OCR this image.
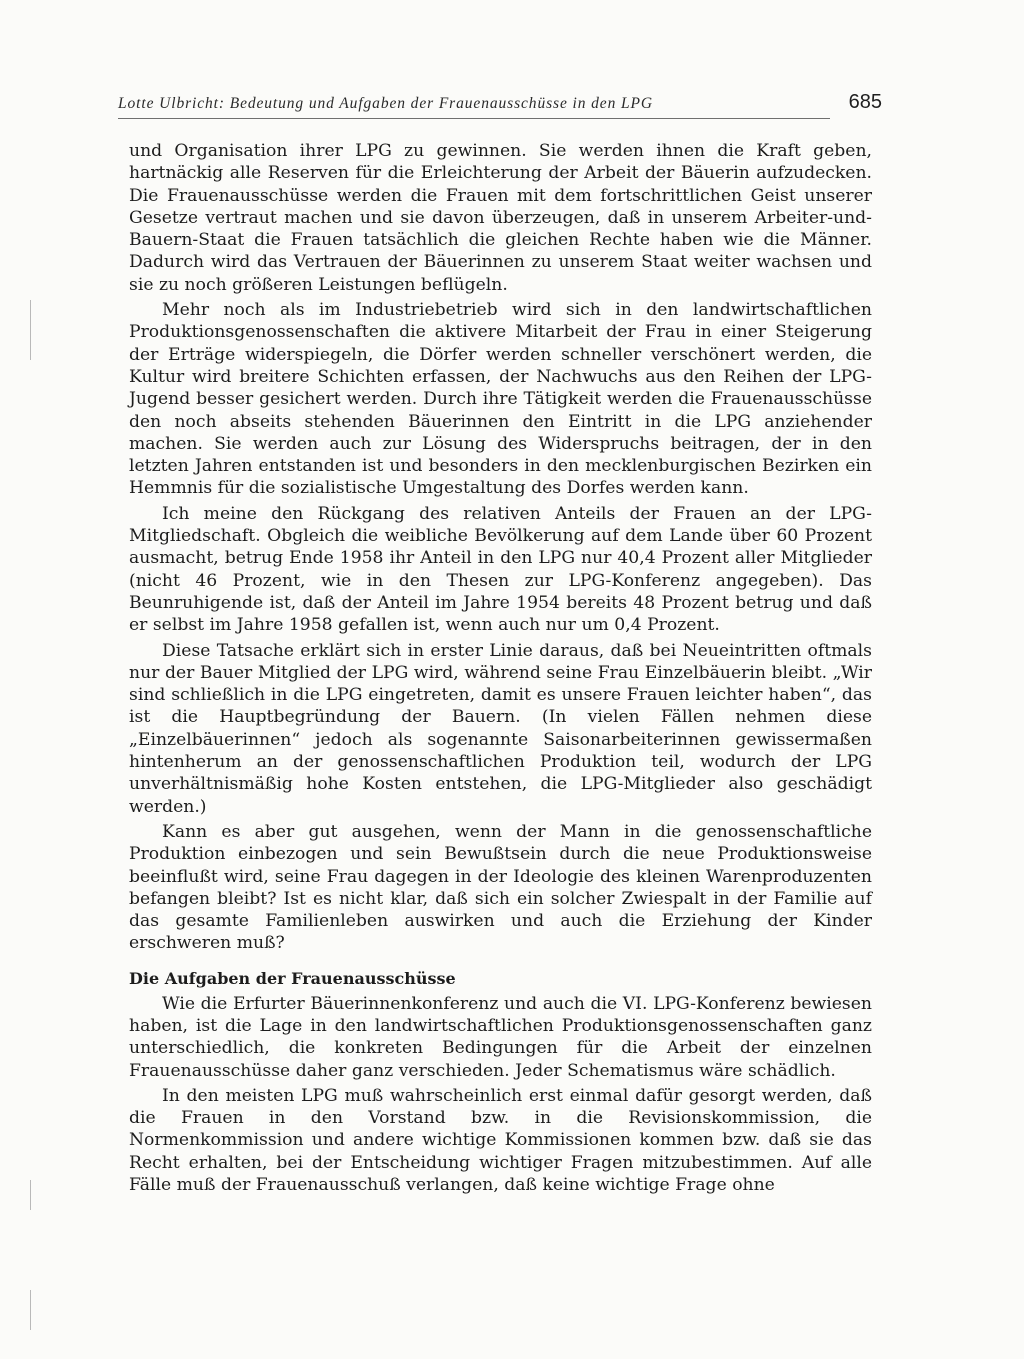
Lotte Ulbricht: Bedeutung und Aufgaben der Frauenausschüsse in den LPG	685

und Organisation ihrer LPG zu gewinnen. Sie werden ihnen die Kraft geben, hartnäckig alle Reserven für die Erleichterung der Arbeit der Bäuerin aufzudecken. Die Frauenausschüsse werden die Frauen mit dem fortschrittlichen Geist unserer Gesetze vertraut machen und sie davon überzeugen, daß in unserem Arbeiter-und-Bauern-Staat die Frauen tatsächlich die gleichen Rechte haben wie die Männer. Dadurch wird das Vertrauen der Bäuerinnen zu unserem Staat weiter wachsen und sie zu noch größeren Leistungen beflügeln.

Mehr noch als im Industriebetrieb wird sich in den landwirtschaftlichen Produktionsgenossenschaften die aktivere Mitarbeit der Frau in einer Steigerung der Erträge widerspiegeln, die Dörfer werden schneller verschönert werden, die Kultur wird breitere Schichten erfassen, der Nachwuchs aus den Reihen der LPG-Jugend besser gesichert werden. Durch ihre Tätigkeit werden die Frauenausschüsse den noch abseits stehenden Bäuerinnen den Eintritt in die LPG anziehender machen. Sie werden auch zur Lösung des Widerspruchs beitragen, der in den letzten Jahren entstanden ist und besonders in den mecklenburgischen Bezirken ein Hemmnis für die sozialistische Umgestaltung des Dorfes werden kann.

Ich meine den Rückgang des relativen Anteils der Frauen an der LPG-Mitgliedschaft. Obgleich die weibliche Bevölkerung auf dem Lande über 60 Prozent ausmacht, betrug Ende 1958 ihr Anteil in den LPG nur 40,4 Prozent aller Mitglieder (nicht 46 Prozent, wie in den Thesen zur LPG-Konferenz angegeben). Das Beunruhigende ist, daß der Anteil im Jahre 1954 bereits 48 Prozent betrug und daß er selbst im Jahre 1958 gefallen ist, wenn auch nur um 0,4 Prozent.

Diese Tatsache erklärt sich in erster Linie daraus, daß bei Neueintritten oftmals nur der Bauer Mitglied der LPG wird, während seine Frau Einzelbäuerin bleibt. „Wir sind schließlich in die LPG eingetreten, damit es unsere Frauen leichter haben“, das ist die Hauptbegründung der Bauern. (In vielen Fällen nehmen diese „Einzelbäuerinnen“ jedoch als sogenannte Saisonarbeiterinnen gewissermaßen hintenherum an der genossenschaftlichen Produktion teil, wodurch der LPG unverhältnismäßig hohe Kosten entstehen, die LPG-Mitglieder also geschädigt werden.)

Kann es aber gut ausgehen, wenn der Mann in die genossenschaftliche Produktion einbezogen und sein Bewußtsein durch die neue Produktionsweise beeinflußt wird, seine Frau dagegen in der Ideologie des kleinen Warenproduzenten befangen bleibt? Ist es nicht klar, daß sich ein solcher Zwiespalt in der Familie auf das gesamte Familienleben auswirken und auch die Erziehung der Kinder erschweren muß?

Die Aufgaben der Frauenausschüsse

Wie die Erfurter Bäuerinnenkonferenz und auch die VI. LPG-Konferenz bewiesen haben, ist die Lage in den landwirtschaftlichen Produktionsgenossenschaften ganz unterschiedlich, die konkreten Bedingungen für die Arbeit der einzelnen Frauenausschüsse daher ganz verschieden. Jeder Schematismus wäre schädlich.

In den meisten LPG muß wahrscheinlich erst einmal dafür gesorgt werden, daß die Frauen in den Vorstand bzw. in die Revisionskommission, die Normenkommission und andere wichtige Kommissionen kommen bzw. daß sie das Recht erhalten, bei der Entscheidung wichtiger Fragen mitzubestimmen. Auf alle Fälle muß der Frauenausschuß verlangen, daß keine wichtige Frage ohne
